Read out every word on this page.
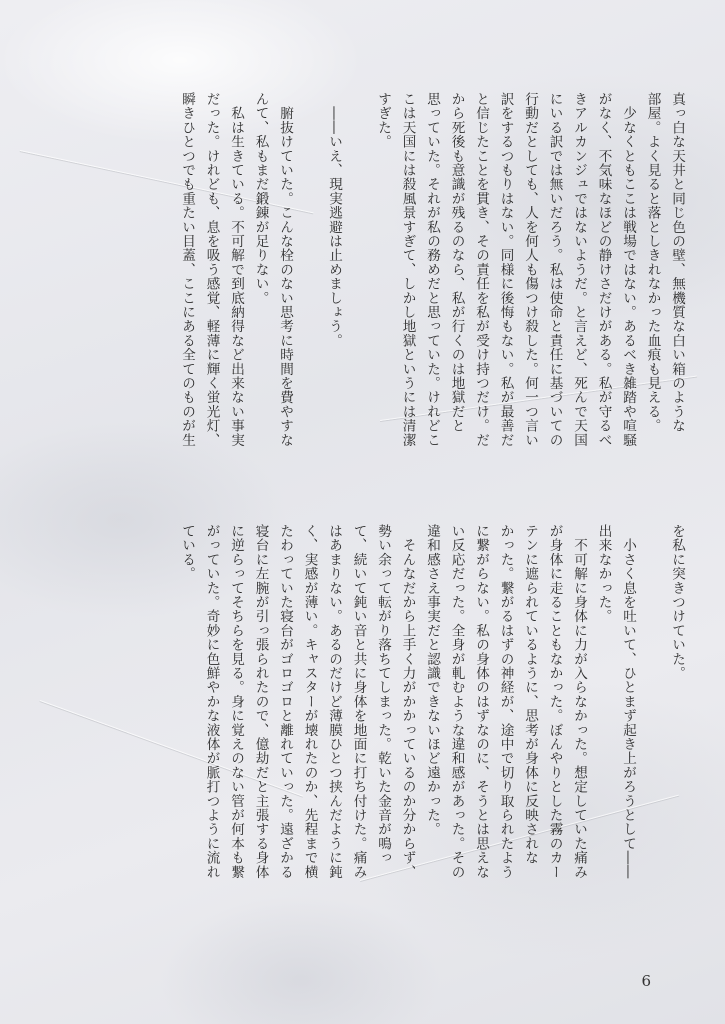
真っ白な天井と同じ色の壁、無機質な白い箱のような

部屋。よく見ると落としきれなかった血痕も見える。

　少なくともここは戦場ではない。あるべき雑踏や喧騒

がなく、不気味なほどの静けさだけがある。私が守るべ

きアルカンジュではないようだ。と言えど、死んで天国

にいる訳では無いだろう。私は使命と責任に基づいての

行動だとしても、人を何人も傷つけ殺した。何一つ言い

訳をするつもりはない。同様に後悔もない。私が最善だ

と信じたことを貫き、その責任を私が受け持つだけ。だ

から死後も意識が残るのなら、私が行くのは地獄だと

思っていた。それが私の務めだと思っていた。けれどこ

こは天国には殺風景すぎて、しかし地獄というには清潔

すぎた。

　――いえ、現実逃避は止めましょう。

　腑抜けていた。こんな栓のない思考に時間を費やすな

んて、私もまだ鍛錬が足りない。

　私は生きている。不可解で到底納得など出来ない事実

だった。けれども、息を吸う感覚、軽薄に輝く蛍光灯、

瞬きひとつでも重たい目蓋、ここにある全てのものが生

を私に突きつけていた。

　小さく息を吐いて、ひとまず起き上がろうとして――

出来なかった。

　不可解に身体に力が入らなかった。想定していた痛み

が身体に走ることもなかった。ぼんやりとした霧のカー

テンに遮られているように、思考が身体に反映されな

かった。繋がるはずの神経が、途中で切り取られたよう

に繋がらない。私の身体のはずなのに、そうとは思えな

い反応だった。全身が軋むような違和感があった。その

違和感さえ事実だと認識できないほど遠かった。

　そんなだから上手く力がかかっているのか分からず、

勢い余って転がり落ちてしまった。乾いた金音が鳴っ

て、続いて鈍い音と共に身体を地面に打ち付けた。痛み

はあまりない。あるのだけど薄膜ひとつ挟んだように鈍

く、実感が薄い。キャスターが壊れたのか、先程まで横

たわっていた寝台がゴロゴロと離れていった。遠ざかる

寝台に左腕が引っ張られたので、億劫だと主張する身体

に逆らってそちらを見る。身に覚えのない管が何本も繋

がっていた。奇妙に色鮮やかな液体が脈打つように流れ

ている。

6
